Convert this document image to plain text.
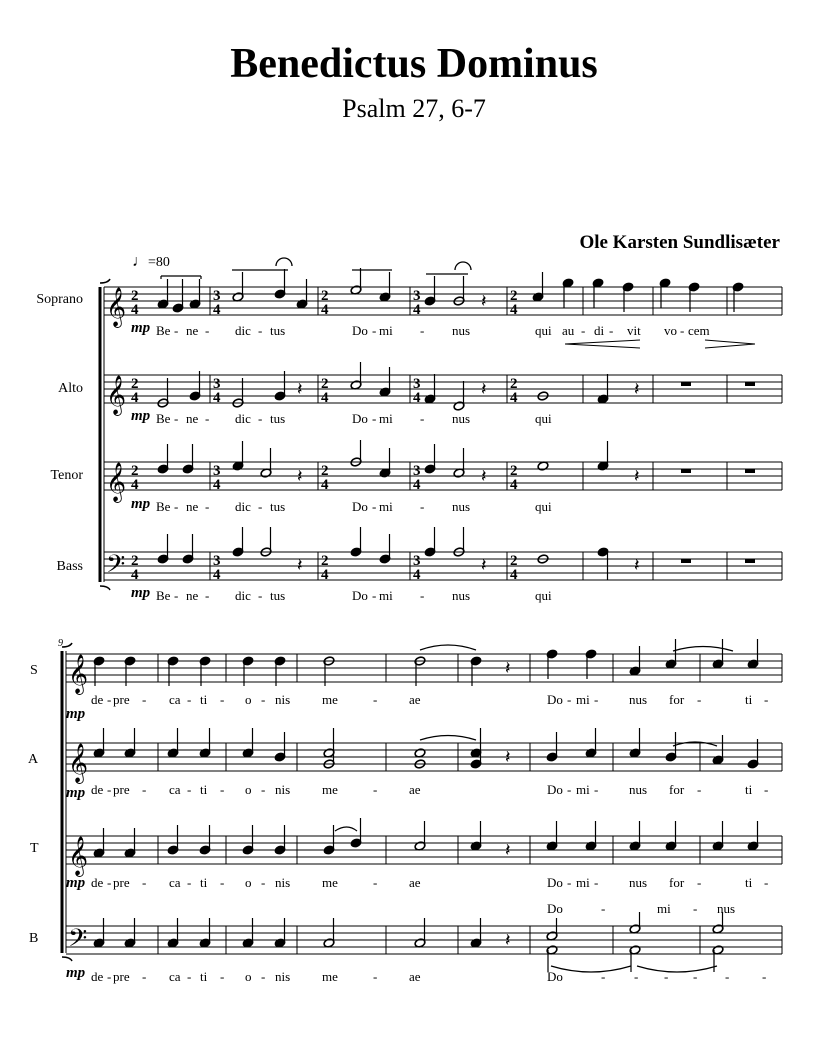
Benedictus Dominus
Psalm 27, 6-7
Ole Karsten Sundlisæter
♩=80
Soprano
Alto
Tenor
Bass
S
A
T
B
9
mp
mp
mp
mp
mp
mp
mp
mp
Be - ne - dic - tus	Do - mi - nus	qui au - di - vit vo - cem
Be - ne - dic - tus	Do - mi - nus	qui
Be - ne - dic - tus	Do - mi - nus	qui
Be - ne - dic - tus	Do - mi - nus	qui
de - pre - ca - ti - o - nis me	- ae	Do - mi - nus for -	ti -
de - pre - ca - ti - o - nis me	- ae	Do - mi - nus for -	ti -
de - pre - ca - ti - o - nis me	- ae	Do - mi - nus for -	ti -
Do	-	mi - nus
de - pre - ca - ti - o - nis me	- ae	Do	- - - - -	-
𝄞
𝄞
𝄞
𝄢
2
4
3
4
2
4
3
4
2
4
2
4
3
4
2
4
3
4
2
4
2
4
3
4
2
4
3
4
2
4
2
4
3
4
2
4
3
4
2
4
𝄽
𝄽
𝄽
𝄽
𝄽
𝄽
𝄽
𝄽
𝄽
𝄽
𝄞
𝄞
𝄞
𝄢
𝄽
𝄽
𝄽
𝄽
